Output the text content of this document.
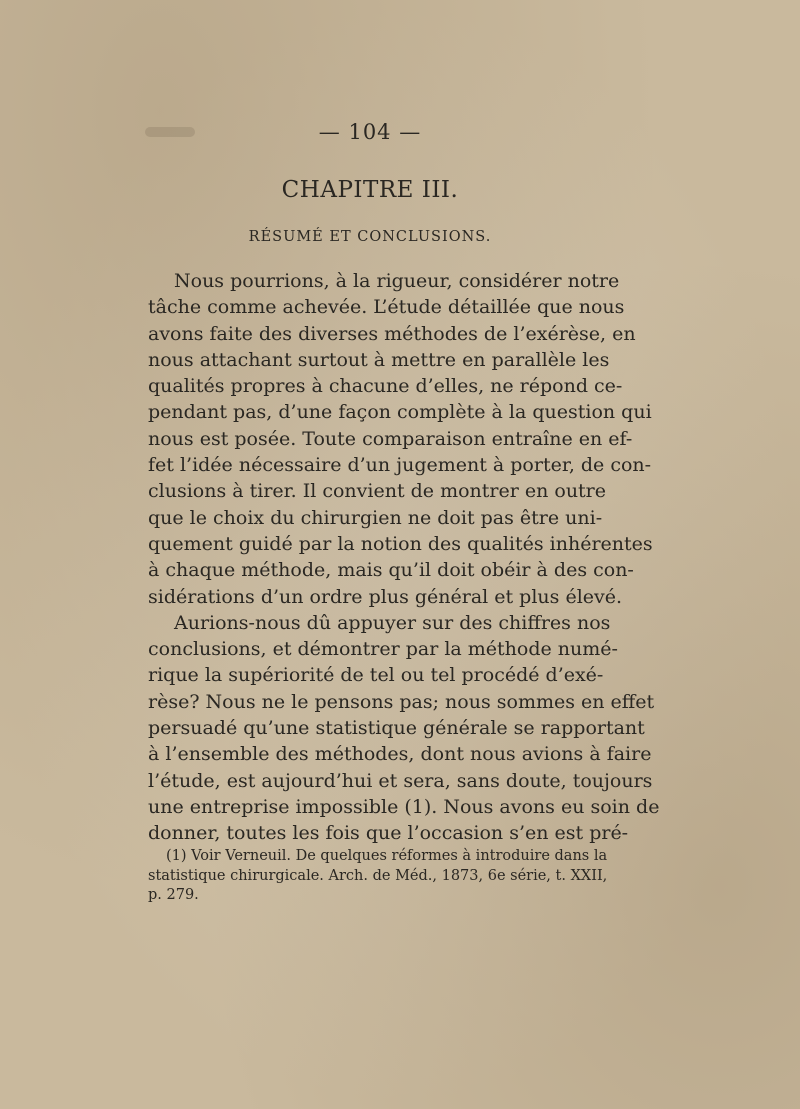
— 104 —
CHAPITRE III.
RÉSUMÉ ET CONCLUSIONS.
Nous pourrions, à la rigueur, considérer notre
tâche comme achevée. L’étude détaillée que nous
avons faite des diverses méthodes de l’exérèse, en
nous attachant surtout à mettre en parallèle les
qualités propres à chacune d’elles, ne répond ce-
pendant pas, d’une façon complète à la question qui
nous est posée. Toute comparaison entraîne en ef-
fet l’idée nécessaire d’un jugement à porter, de con-
clusions à tirer. Il convient de montrer en outre
que le choix du chirurgien ne doit pas être uni-
quement guidé par la notion des qualités inhérentes
à chaque méthode, mais qu’il doit obéir à des con-
sidérations d’un ordre plus général et plus élevé.
Aurions-nous dû appuyer sur des chiffres nos
conclusions, et démontrer par la méthode numé-
rique la supériorité de tel ou tel procédé d’exé-
rèse? Nous ne le pensons pas; nous sommes en effet
persuadé qu’une statistique générale se rapportant
à l’ensemble des méthodes, dont nous avions à faire
l’étude, est aujourd’hui et sera, sans doute, toujours
une entreprise impossible (1). Nous avons eu soin de
donner, toutes les fois que l’occasion s’en est pré-
(1) Voir Verneuil. De quelques réformes à introduire dans la
statistique chirurgicale. Arch. de Méd., 1873, 6e série, t. XXII,
p. 279.
